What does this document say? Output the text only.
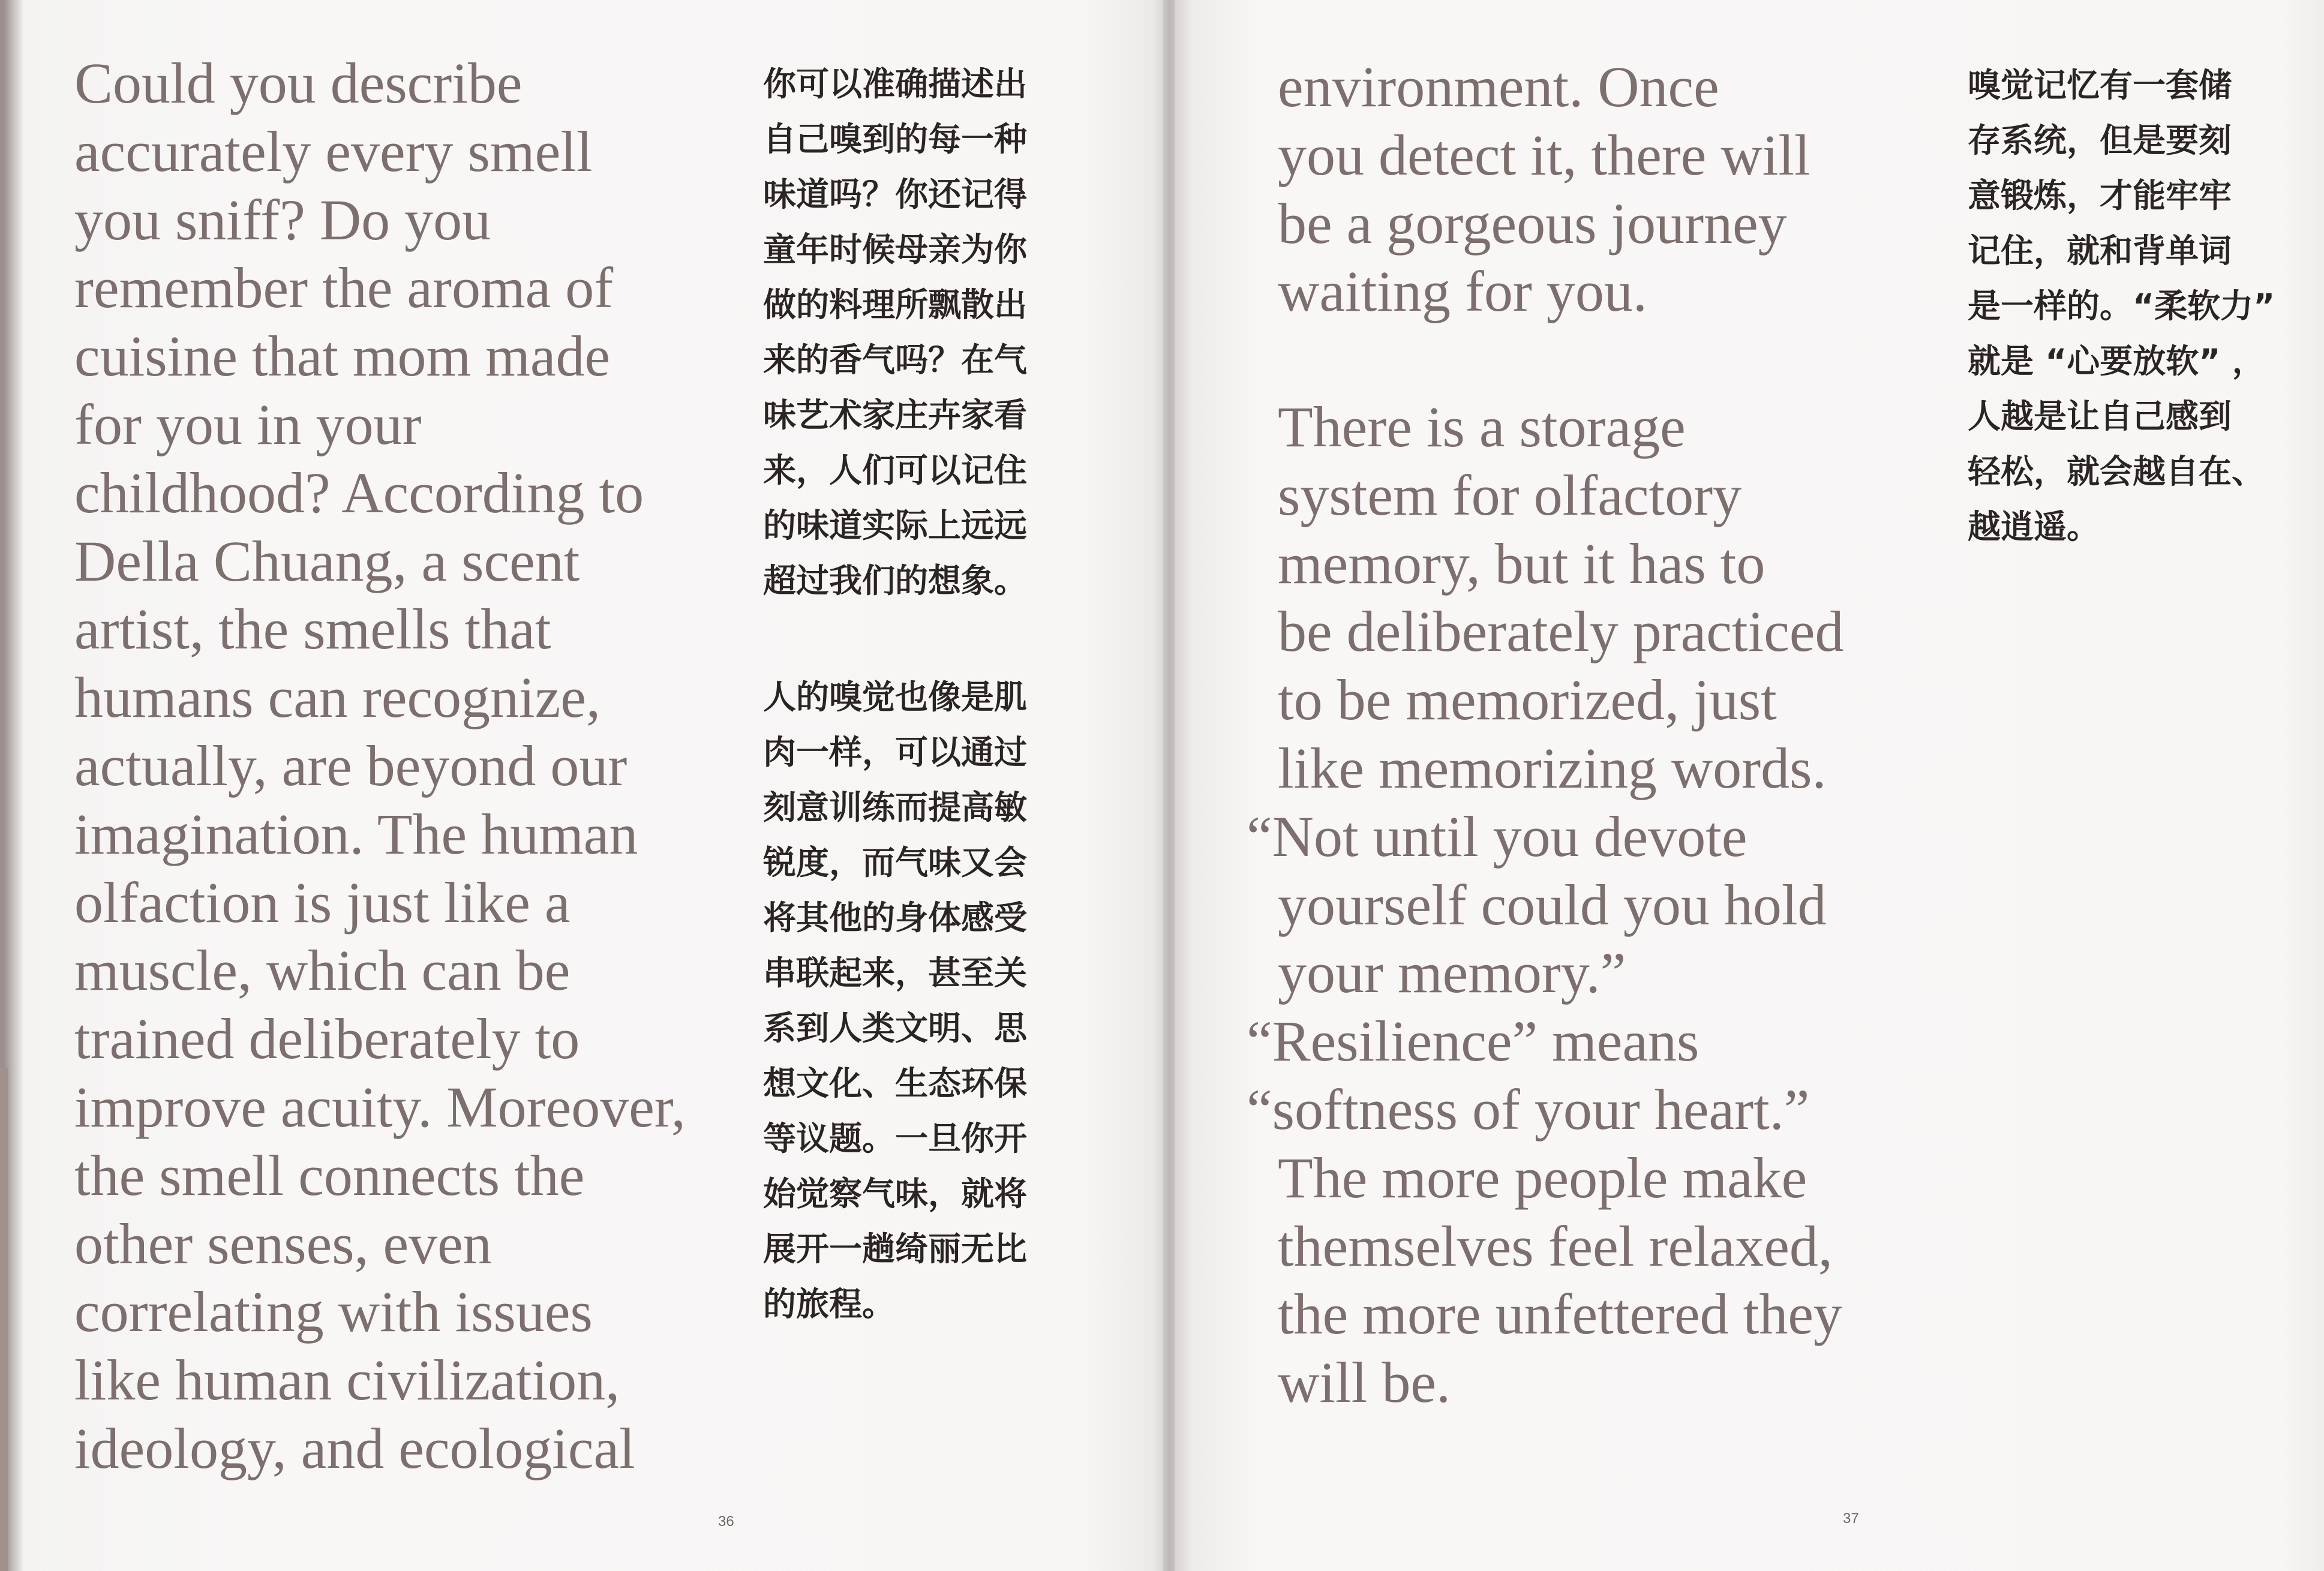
Could you describe
accurately every smell
you sniff? Do you
remember the aroma of
cuisine that mom made
for you in your
childhood? According to
Della Chuang, a scent
artist, the smells that
humans can recognize,
actually, are beyond our
imagination. The human
olfaction is just like a
muscle, which can be
trained deliberately to
improve acuity. Moreover,
the smell connects the
other senses, even
correlating with issues
like human civilization,
ideology, and ecological
你可以准确描述出
自己嗅到的每一种
味道吗？你还记得
童年时候母亲为你
做的料理所飘散出
来的香气吗？在气
味艺术家庄卉家看
来，人们可以记住
的味道实际上远远
超过我们的想象。
人的嗅觉也像是肌
肉一样，可以通过
刻意训练而提高敏
锐度，而气味又会
将其他的身体感受
串联起来，甚至关
系到人类文明、思
想文化、生态环保
等议题。一旦你开
始觉察气味，就将
展开一趟绮丽无比
的旅程。
36
environment. Once
you detect it, there will
be a gorgeous journey
waiting for you.
There is a storage
system for olfactory
memory, but it has to
be deliberately practiced
to be memorized, just
like memorizing words.
“Not until you devote
yourself could you hold
your memory.”
“Resilience” means
“softness of your heart.”
The more people make
themselves feel relaxed,
the more unfettered they
will be.
嗅觉记忆有一套储
存系统，但是要刻
意锻炼，才能牢牢
记住，就和背单词
是一样的。“柔软力”
就是 “心要放软” ，
人越是让自己感到
轻松，就会越自在、
越逍遥。
37
